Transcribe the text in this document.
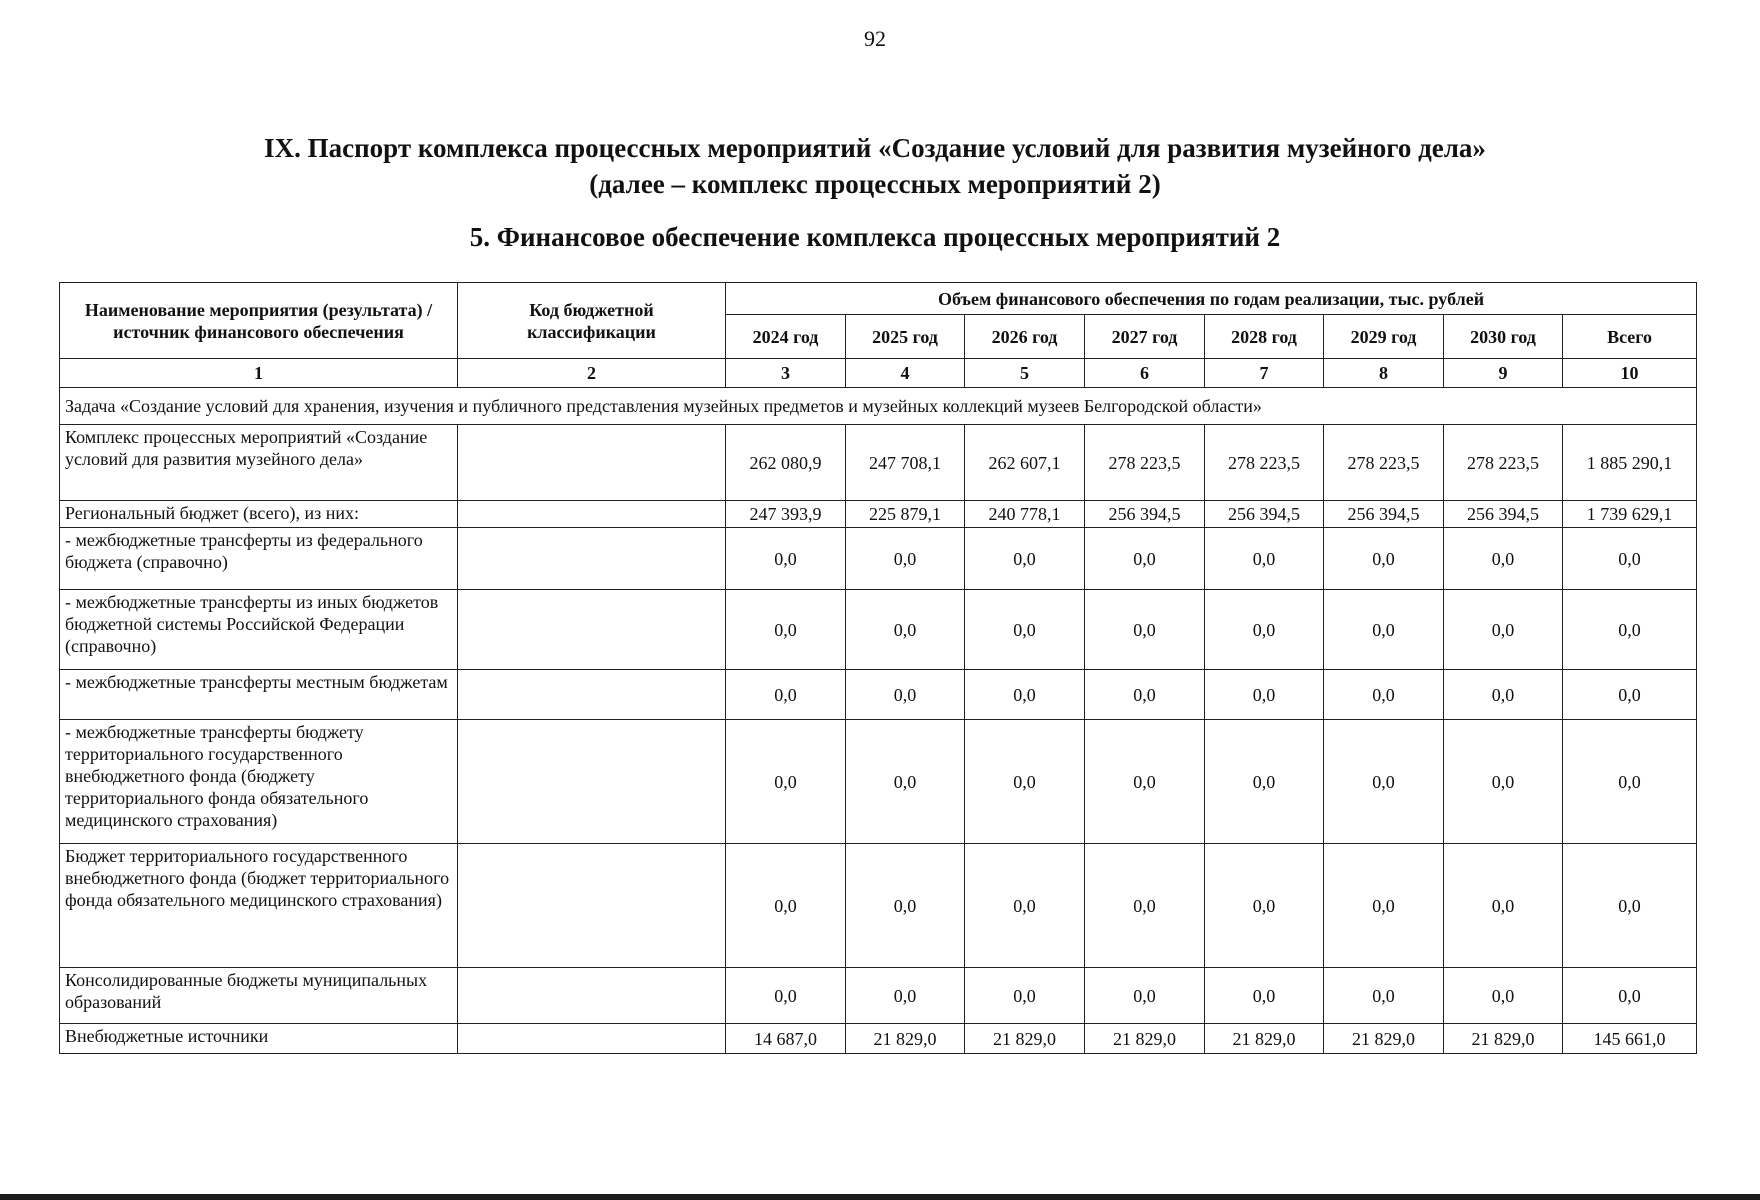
92
IX. Паспорт комплекса процессных мероприятий «Создание условий для развития музейного дела»
(далее – комплекс процессных мероприятий 2)
5. Финансовое обеспечение комплекса процессных мероприятий 2
Наименование мероприятия (результата) / источник финансового обеспечения	Код бюджетной классификации	Объем финансового обеспечения по годам реализации, тыс. рублей							
		2024 год	2025 год	2026 год	2027 год	2028 год	2029 год	2030 год	Всего
1	2	3	4	5	6	7	8	9	10
Задача «Создание условий для хранения, изучения и публичного представления музейных предметов и музейных коллекций музеев Белгородской области»									
Комплекс процессных мероприятий «Создание условий для развития музейного дела»		262 080,9	247 708,1	262 607,1	278 223,5	278 223,5	278 223,5	278 223,5	1 885 290,1
Региональный бюджет (всего), из них:		247 393,9	225 879,1	240 778,1	256 394,5	256 394,5	256 394,5	256 394,5	1 739 629,1
- межбюджетные трансферты из федерального бюджета (справочно)		0,0	0,0	0,0	0,0	0,0	0,0	0,0	0,0
- межбюджетные трансферты из иных бюджетов бюджетной системы Российской Федерации (справочно)		0,0	0,0	0,0	0,0	0,0	0,0	0,0	0,0
- межбюджетные трансферты местным бюджетам		0,0	0,0	0,0	0,0	0,0	0,0	0,0	0,0
- межбюджетные трансферты бюджету территориального государственного внебюджетного фонда (бюджету территориального фонда обязательного медицинского страхования)		0,0	0,0	0,0	0,0	0,0	0,0	0,0	0,0
Бюджет территориального государственного внебюджетного фонда (бюджет территориального фонда обязательного медицинского страхования)		0,0	0,0	0,0	0,0	0,0	0,0	0,0	0,0
Консолидированные бюджеты муниципальных образований		0,0	0,0	0,0	0,0	0,0	0,0	0,0	0,0
Внебюджетные источники		14 687,0	21 829,0	21 829,0	21 829,0	21 829,0	21 829,0	21 829,0	145 661,0
